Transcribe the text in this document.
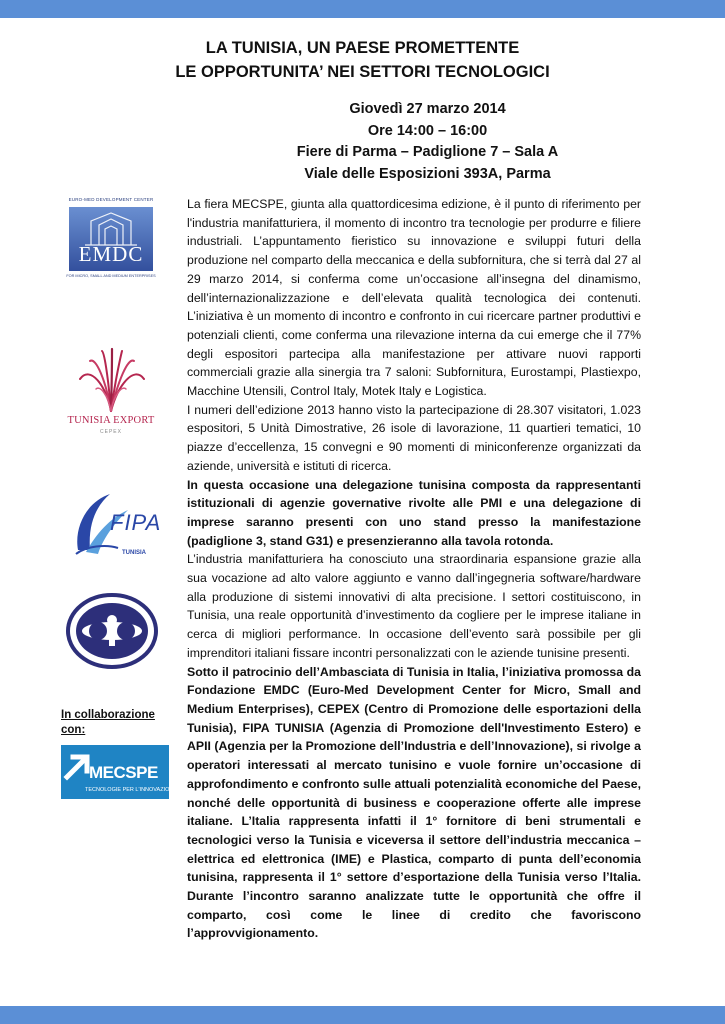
LA TUNISIA, UN PAESE PROMETTENTE
LE OPPORTUNITA’ NEI SETTORI TECNOLOGICI
Giovedì 27 marzo 2014
Ore 14:00 – 16:00
Fiere di Parma – Padiglione 7 – Sala A
Viale delle Esposizioni 393A, Parma
EURO-MED DEVELOPMENT CENTER
EMDC
FOR MICRO, SMALL AND MEDIUM ENTERPRISES
TUNISIA EXPORT
CEPEX
FIPA
TUNISIA
In collaborazione
con:
MECSPE
TECNOLOGIE PER L'INNOVAZIONE

La fiera MECSPE, giunta alla quattordicesima edizione, è il punto di riferimento per l'industria manifatturiera, il momento di incontro tra tecnologie per produrre e filiere industriali. L’appuntamento fieristico su innovazione e sviluppi futuri della produzione nel comparto della meccanica e della subfornitura, che si terrà dal 27 al 29 marzo 2014, si conferma come un’occasione all’insegna del dinamismo, dell’internazionalizzazione e dell’elevata qualità tecnologica dei contenuti. L’iniziativa è un momento di incontro e confronto in cui ricercare partner produttivi e potenziali clienti, come conferma una rilevazione interna da cui emerge che il 77% degli espositori partecipa alla manifestazione per attivare nuovi rapporti commerciali grazie alla sinergia tra 7 saloni: Subfornitura, Eurostampi, Plastiexpo, Macchine Utensili, Control Italy, Motek Italy e Logistica.

I numeri dell’edizione 2013 hanno visto la partecipazione di 28.307 visitatori, 1.023 espositori, 5 Unità Dimostrative, 26 isole di lavorazione, 11 quartieri tematici, 10 piazze d’eccellenza, 15 convegni e 90 momenti di miniconferenze organizzati da aziende, università e istituti di ricerca.

In questa occasione una delegazione tunisina composta da rappresentanti istituzionali di agenzie governative rivolte alle PMI e una delegazione di imprese saranno presenti con uno stand presso la manifestazione (padiglione 3, stand G31) e presenzieranno alla tavola rotonda.

L’industria manifatturiera ha conosciuto una straordinaria espansione grazie alla sua vocazione ad alto valore aggiunto e vanno dall’ingegneria software/hardware alla produzione di sistemi innovativi di alta precisione. I settori costituiscono, in Tunisia, una reale opportunità d’investimento da cogliere per le imprese italiane in cerca di migliori performance. In occasione dell’evento sarà possibile per gli imprenditori italiani fissare incontri personalizzati con le aziende tunisine presenti.

Sotto il patrocinio dell’Ambasciata di Tunisia in Italia, l’iniziativa promossa da Fondazione EMDC (Euro-Med Development Center for Micro, Small and Medium Enterprises), CEPEX (Centro di Promozione delle esportazioni della Tunisia), FIPA TUNISIA (Agenzia di Promozione dell'Investimento Estero) e APII (Agenzia per la Promozione dell’Industria e dell’Innovazione), si rivolge a operatori interessati al mercato tunisino e vuole fornire un’occasione di approfondimento e confronto sulle attuali potenzialità economiche del Paese, nonché delle opportunità di business e cooperazione offerte alle imprese italiane. L’Italia rappresenta infatti il 1° fornitore di beni strumentali e tecnologici verso la Tunisia e viceversa il settore dell’industria meccanica – elettrica ed elettronica (IME) e Plastica, comparto di punta dell’economia tunisina, rappresenta il 1° settore d’esportazione della Tunisia verso l’Italia. Durante l’incontro saranno analizzate tutte le opportunità che offre il comparto, così come le linee di credito che favoriscono l’approvvigionamento.
